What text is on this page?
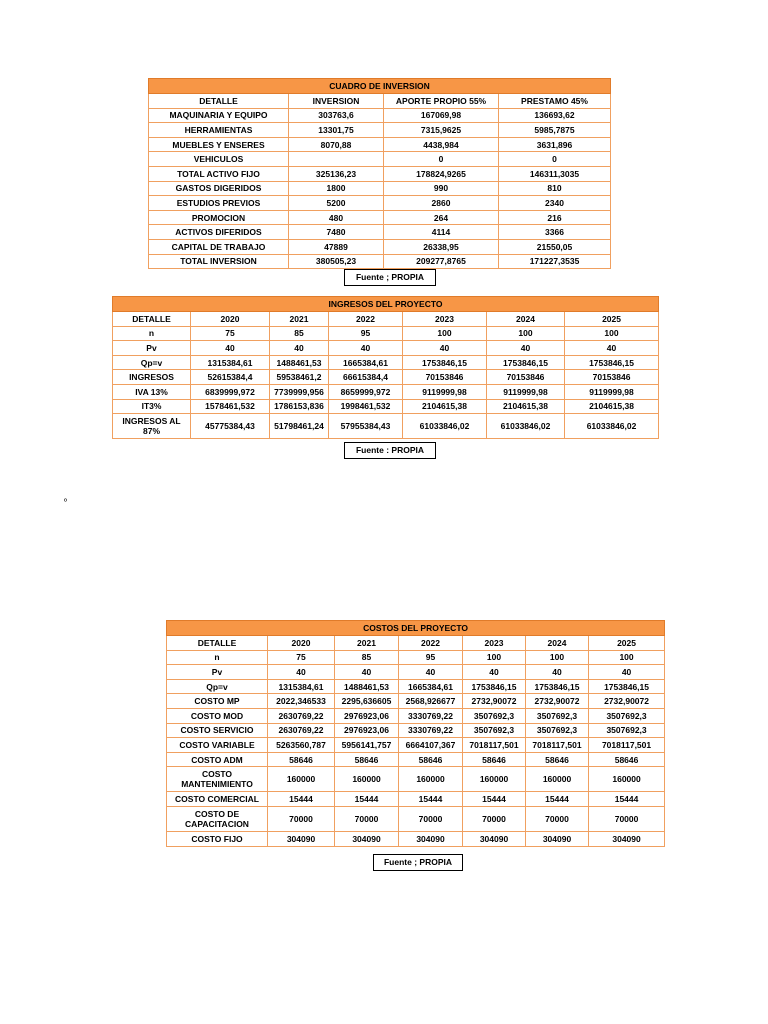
CUADRO DE INVERSION			
DETALLE	INVERSION	APORTE PROPIO 55%	PRESTAMO 45%
MAQUINARIA Y EQUIPO	303763,6	167069,98	136693,62
HERRAMIENTAS	13301,75	7315,9625	5985,7875
MUEBLES Y ENSERES	8070,88	4438,984	3631,896
VEHICULOS		0	0
TOTAL ACTIVO FIJO	325136,23	178824,9265	146311,3035
GASTOS DIGERIDOS	1800	990	810
ESTUDIOS PREVIOS	5200	2860	2340
PROMOCION	480	264	216
ACTIVOS DIFERIDOS	7480	4114	3366
CAPITAL DE TRABAJO	47889	26338,95	21550,05
TOTAL INVERSION	380505,23	209277,8765	171227,3535
Fuente ; PROPIA
INGRESOS DEL PROYECTO						
DETALLE	2020	2021	2022	2023	2024	2025
n	75	85	95	100	100	100
Pv	40	40	40	40	40	40
Qp=v	1315384,61	1488461,53	1665384,61	1753846,15	1753846,15	1753846,15
INGRESOS	52615384,4	59538461,2	66615384,4	70153846	70153846	70153846
IVA 13%	6839999,972	7739999,956	8659999,972	9119999,98	9119999,98	9119999,98
IT3%	1578461,532	1786153,836	1998461,532	2104615,38	2104615,38	2104615,38
INGRESOS AL 87%	45775384,43	51798461,24	57955384,43	61033846,02	61033846,02	61033846,02
Fuente : PROPIA
º
COSTOS DEL PROYECTO						
DETALLE	2020	2021	2022	2023	2024	2025
n	75	85	95	100	100	100
Pv	40	40	40	40	40	40
Qp=v	1315384,61	1488461,53	1665384,61	1753846,15	1753846,15	1753846,15
COSTO MP	2022,346533	2295,636605	2568,926677	2732,90072	2732,90072	2732,90072
COSTO MOD	2630769,22	2976923,06	3330769,22	3507692,3	3507692,3	3507692,3
COSTO SERVICIO	2630769,22	2976923,06	3330769,22	3507692,3	3507692,3	3507692,3
COSTO VARIABLE	5263560,787	5956141,757	6664107,367	7018117,501	7018117,501	7018117,501
COSTO ADM	58646	58646	58646	58646	58646	58646
COSTO MANTENIMIENTO	160000	160000	160000	160000	160000	160000
COSTO COMERCIAL	15444	15444	15444	15444	15444	15444
COSTO DE CAPACITACION	70000	70000	70000	70000	70000	70000
COSTO FIJO	304090	304090	304090	304090	304090	304090
Fuente ; PROPIA
